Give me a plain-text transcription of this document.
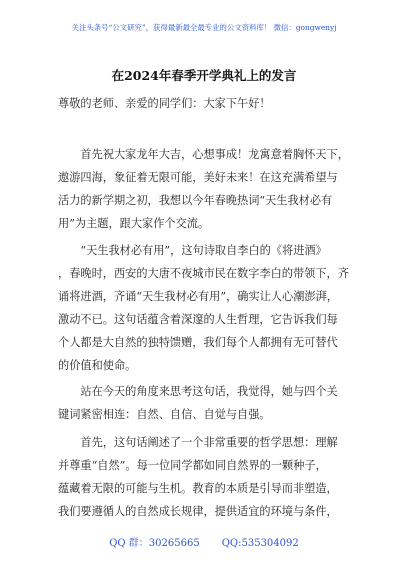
关注头条号“公文研究”，获得最新最全最专业的公文资料库！ 微信：gongwenyj
在2024年春季开学典礼上的发言
尊敬的老师、亲爱的同学们：大家下午好！
　　首先祝大家龙年大吉，心想事成！龙寓意着胸怀天下，
遨游四海，象征着无限可能，美好未来！在这充满希望与
活力的新学期之初，我想以今年春晚热词“天生我材必有
用”为主题，跟大家作个交流。
　　“天生我材必有用”，这句诗取自李白的《将进酒》
，春晚时，西安的大唐不夜城市民在数字李白的带领下，齐
诵将进酒，齐诵“天生我材必有用”，确实让人心潮澎湃，
激动不已。这句话蕴含着深邃的人生哲理，它告诉我们每
个人都是大自然的独特馈赠，我们每个人都拥有无可替代
的价值和使命。
　　站在今天的角度来思考这句话，我觉得，她与四个关
键词紧密相连：自然、自信、自觉与自强。
　　首先，这句话阐述了一个非常重要的哲学思想：理解
并尊重“自然”。每一位同学都如同自然界的一颗种子，
蕴藏着无限的可能与生机。教育的本质是引导而非塑造，
我们要遵循人的自然成长规律，提供适宜的环境与条件，
QQ 群：30265665 QQ:535304092
